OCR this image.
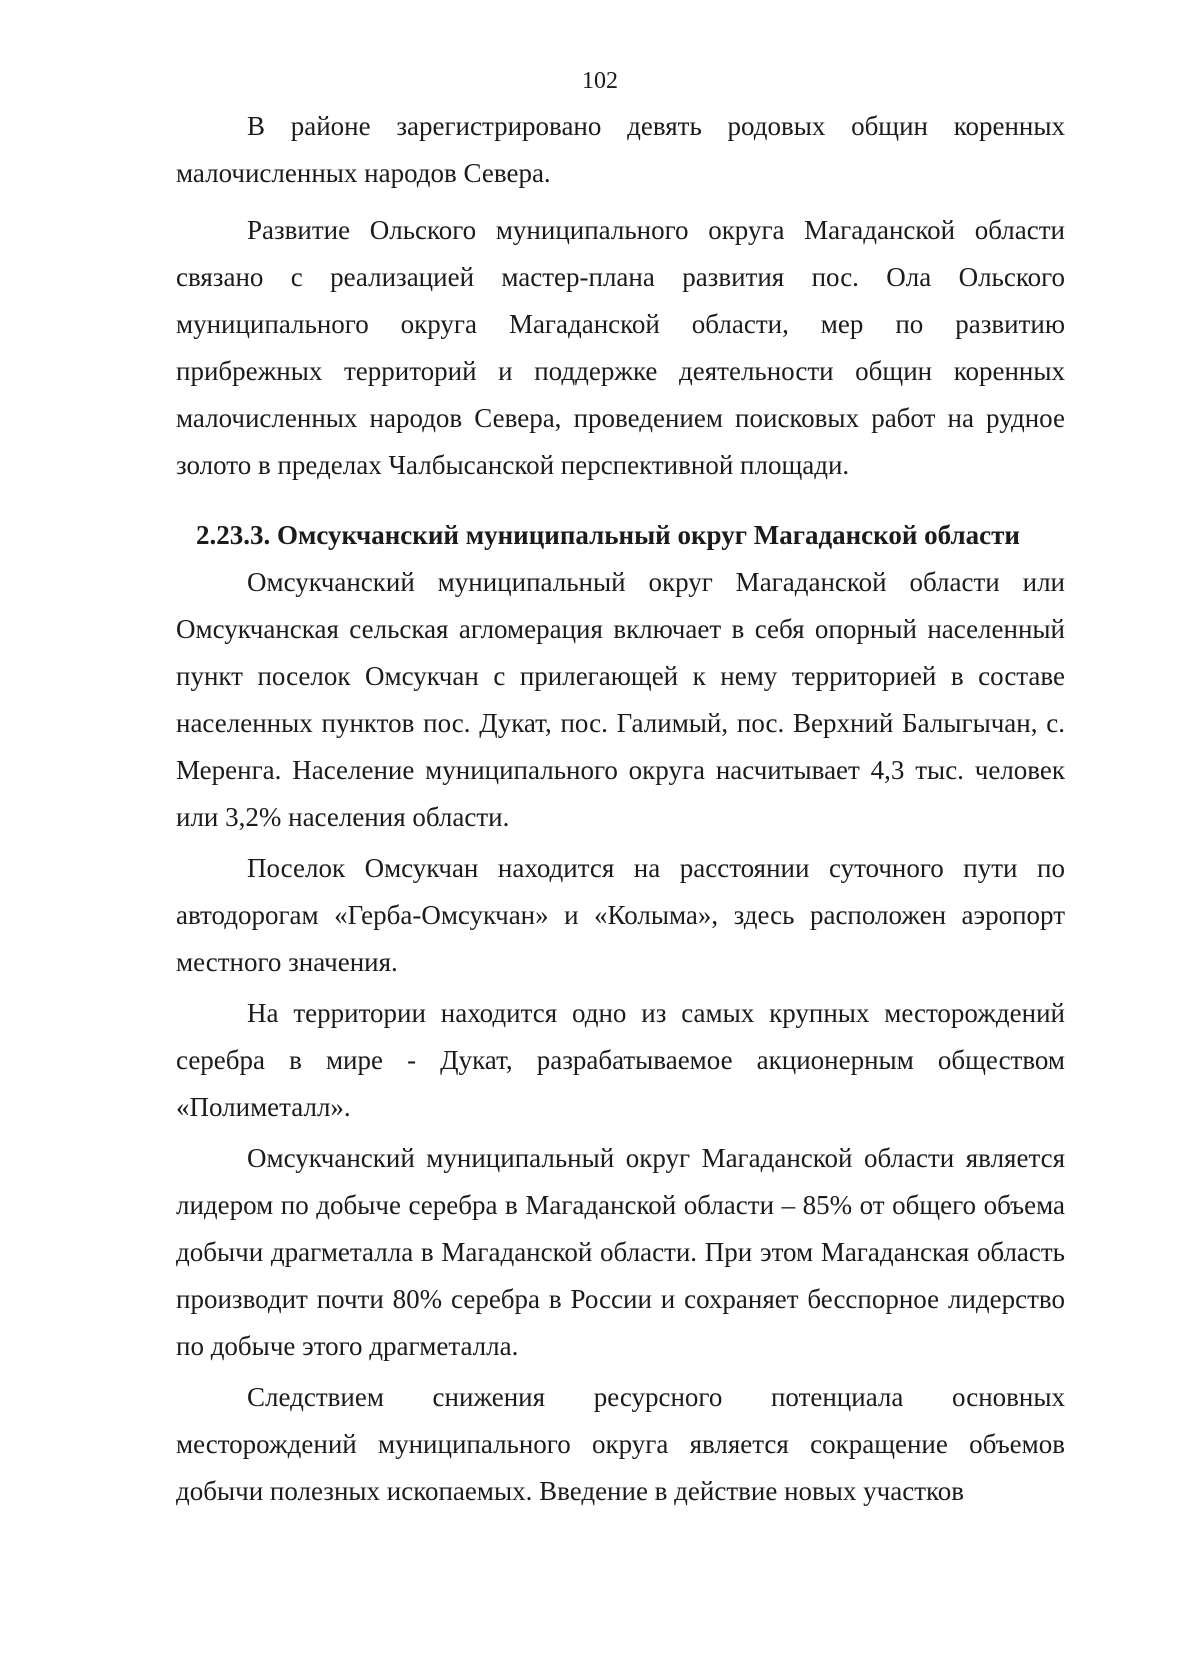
102

В районе зарегистрировано девять родовых общин коренных малочисленных народов Севера.

Развитие Ольского муниципального округа Магаданской области связано с реализацией мастер-плана развития пос. Ола Ольского муниципального округа Магаданской области, мер по развитию прибрежных территорий и поддержке деятельности общин коренных малочисленных народов Севера, проведением поисковых работ на рудное золото в пределах Чалбысанской перспективной площади.

2.23.3. Омсукчанский муниципальный округ Магаданской области

Омсукчанский муниципальный округ Магаданской области или Омсукчанская сельская агломерация включает в себя опорный населенный пункт поселок Омсукчан с прилегающей к нему территорией в составе населенных пунктов пос. Дукат, пос. Галимый, пос. Верхний Балыгычан, с. Меренга. Население муниципального округа насчитывает 4,3 тыс. человек или 3,2% населения области.

Поселок Омсукчан находится на расстоянии суточного пути по автодорогам «Герба-Омсукчан» и «Колыма», здесь расположен аэропорт местного значения.

На территории находится одно из самых крупных месторождений серебра в мире - Дукат, разрабатываемое акционерным обществом «Полиметалл».

Омсукчанский муниципальный округ Магаданской области является лидером по добыче серебра в Магаданской области – 85% от общего объема добычи драгметалла в Магаданской области. При этом Магаданская область производит почти 80% серебра в России и сохраняет бесспорное лидерство по добыче этого драгметалла.

Следствием снижения ресурсного потенциала основных месторождений муниципального округа является сокращение объемов добычи полезных ископаемых. Введение в действие новых участков
